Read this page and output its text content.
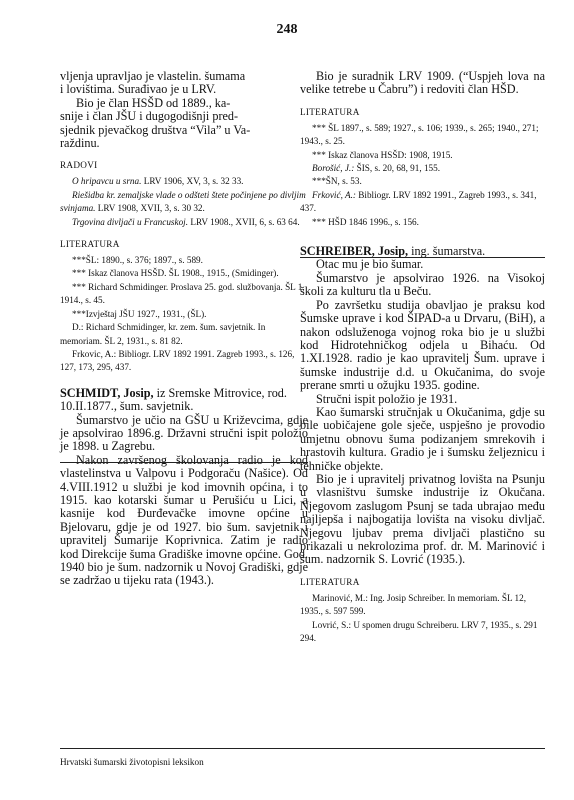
248

vljenja upravljao je vlastelin. šumama

i lovištima. Surađivao je u LRV.

Bio je član HSŠD od 1889., ka-

snije i član JŠU i dugogodišnji pred-

sjednik pjevačkog društva “Vila” u Va-

raždinu.

RADOVI

O hripavcu u srna. LRV 1906, XV, 3, s. 32 33.

Riešidba kr. zemaljske vlade o odšteti štete počinjene po divljim svinjama. LRV 1908, XVII, 3, s. 30 32.

Trgovina divljači u Francuskoj. LRV 1908., XVII, 6, s. 63 64.

LITERATURA

***ŠL: 1890., s. 376; 1897., s. 589.

*** Iskaz članova HSŠD. ŠL 1908., 1915., (Smidinger).

*** Richard Schmidinger. Proslava 25. god. službovanja. ŠL 1, 1914., s. 45.

***Izvještaj JŠU 1927., 1931., (ŠL).

D.: Richard Schmidinger, kr. zem. šum. savjetnik. In memoriam. ŠL 2, 1931., s. 81 82.

Frkovic, A.: Bibliogr. LRV 1892 1991. Zagreb 1993., s. 126, 127, 173, 295, 437.

SCHMIDT, Josip, iz Sremske Mitrovice, rod. 10.II.1877., šum. savjetnik.

Šumarstvo je učio na GŠU u Križevcima, gdje je apsolvirao 1896.g. Državni stručni ispit položio je 1898. u Zagrebu.

Nakon završenog školovanja radio je kod vlastelinstva u Valpovu i Podgoraču (Našice). Od 4.VIII.1912 u službi je kod imovnih općina, i to 1915. kao kotarski šumar u Perušiću u Lici, a kasnije kod Đurđevačke imovne općine u Bjelovaru, gdje je od 1927. bio šum. savjetnik i upravitelj Šumarije Koprivnica. Zatim je radio kod Direkcije šuma Gradiške imovne općine. God. 1940 bio je šum. nadzornik u Novoj Gradiški, gdje se zadržao u tijeku rata (1943.).

Bio je suradnik LRV 1909. (“Uspjeh lova na velike tetrebe u Čabru”) i redoviti član HŠD.

LITERATURA

*** ŠL 1897., s. 589; 1927., s. 106; 1939., s. 265; 1940., 271; 1943., s. 25.

*** Iskaz članova HSŠD: 1908, 1915.

Borošić, J.: ŠIS, s. 20, 68, 91, 155.

***ŠN, s. 53.

Frković, A.: Bibliogr. LRV 1892 1991., Zagreb 1993., s. 341, 437.

*** HŠD 1846 1996., s. 156.

SCHREIBER, Josip, ing. šumarstva.

Otac mu je bio šumar.

Šumarstvo je apsolvirao 1926. na Visokoj školi za kulturu tla u Beču.

Po završetku studija obavljao je praksu kod Šumske uprave i kod ŠIPAD-a u Drvaru, (BiH), a nakon odsluženoga vojnog roka bio je u službi kod Hidrotehničkog odjela u Bihaću. Od 1.XI.1928. radio je kao upravitelj Šum. uprave i šumske industrije d.d. u Okučanima, do svoje prerane smrti u ožujku 1935. godine.

Stručni ispit položio je 1931.

Kao šumarski stručnjak u Okučanima, gdje su bile uobičajene gole sječe, uspješno je provodio umjetnu obnovu šuma podizanjem smrekovih i hrastovih kultura. Gradio je i šumsku željeznicu i tehničke objekte.

Bio je i upravitelj privatnog lovišta na Psunju u vlasništvu šumske industrije iz Okučana. Njegovom zaslugom Psunj se tada ubrajao među najljepša i najbogatija lovišta na visoku divljač. Njegovu ljubav prema divljači plastično su prikazali u nekrolozima prof. dr. M. Marinović i šum. nadzornik S. Lovrić (1935.).

LITERATURA

Marinović, M.: Ing. Josip Schreiber. In memoriam. ŠL 12, 1935., s. 597 599.

Lovrić, S.: U spomen drugu Schreiberu. LRV 7, 1935., s. 291 294.

Hrvatski šumarski životopisni leksikon
